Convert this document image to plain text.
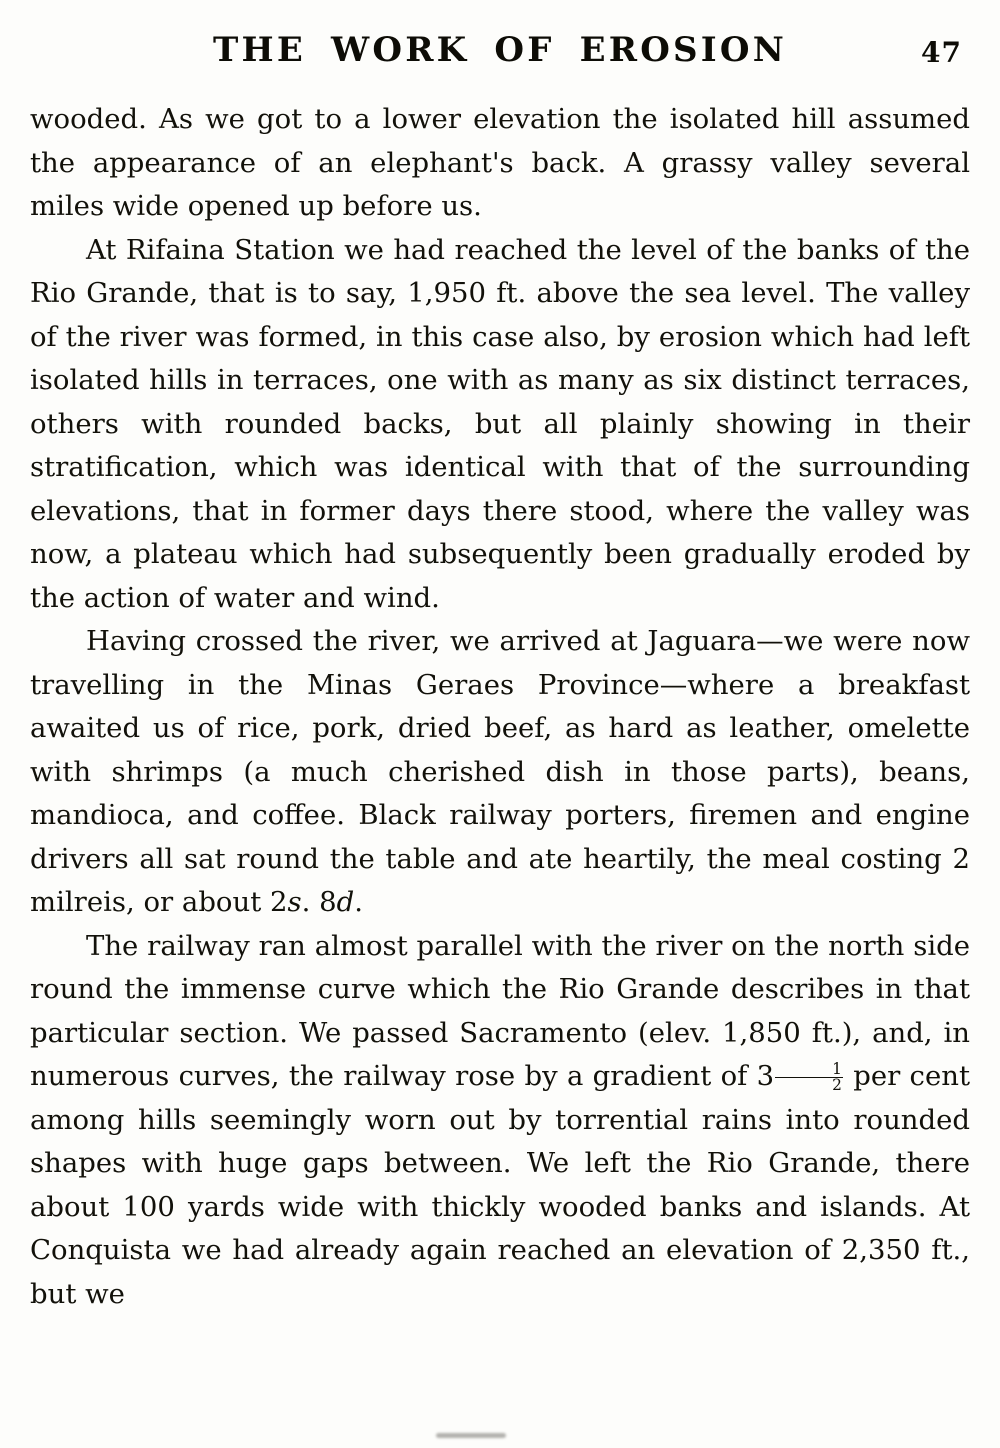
THE WORK OF EROSION	47

wooded. As we got to a lower elevation the isolated hill assumed the appearance of an elephant's back. A grassy valley several miles wide opened up before us.

At Rifaina Station we had reached the level of the banks of the Rio Grande, that is to say, 1,950 ft. above the sea level. The valley of the river was formed, in this case also, by erosion which had left isolated hills in terraces, one with as many as six distinct terraces, others with rounded backs, but all plainly showing in their stratification, which was identical with that of the surrounding elevations, that in former days there stood, where the valley was now, a plateau which had subsequently been gradually eroded by the action of water and wind.

Having crossed the river, we arrived at Jaguara—we were now travelling in the Minas Geraes Province—where a breakfast awaited us of rice, pork, dried beef, as hard as leather, omelette with shrimps (a much cherished dish in those parts), beans, mandioca, and coffee. Black railway porters, firemen and engine drivers all sat round the table and ate heartily, the meal costing 2 milreis, or about 2s. 8d.

The railway ran almost parallel with the river on the north side round the immense curve which the Rio Grande describes in that particular section. We passed Sacramento (elev. 1,850 ft.), and, in numerous curves, the railway rose by a gradient of $3 \frac{1}{2}$ per cent among hills seemingly worn out by torrential rains into rounded shapes with huge gaps between. We left the Rio Grande, there about 100 yards wide with thickly wooded banks and islands. At Conquista we had already again reached an elevation of 2,350 ft., but we
